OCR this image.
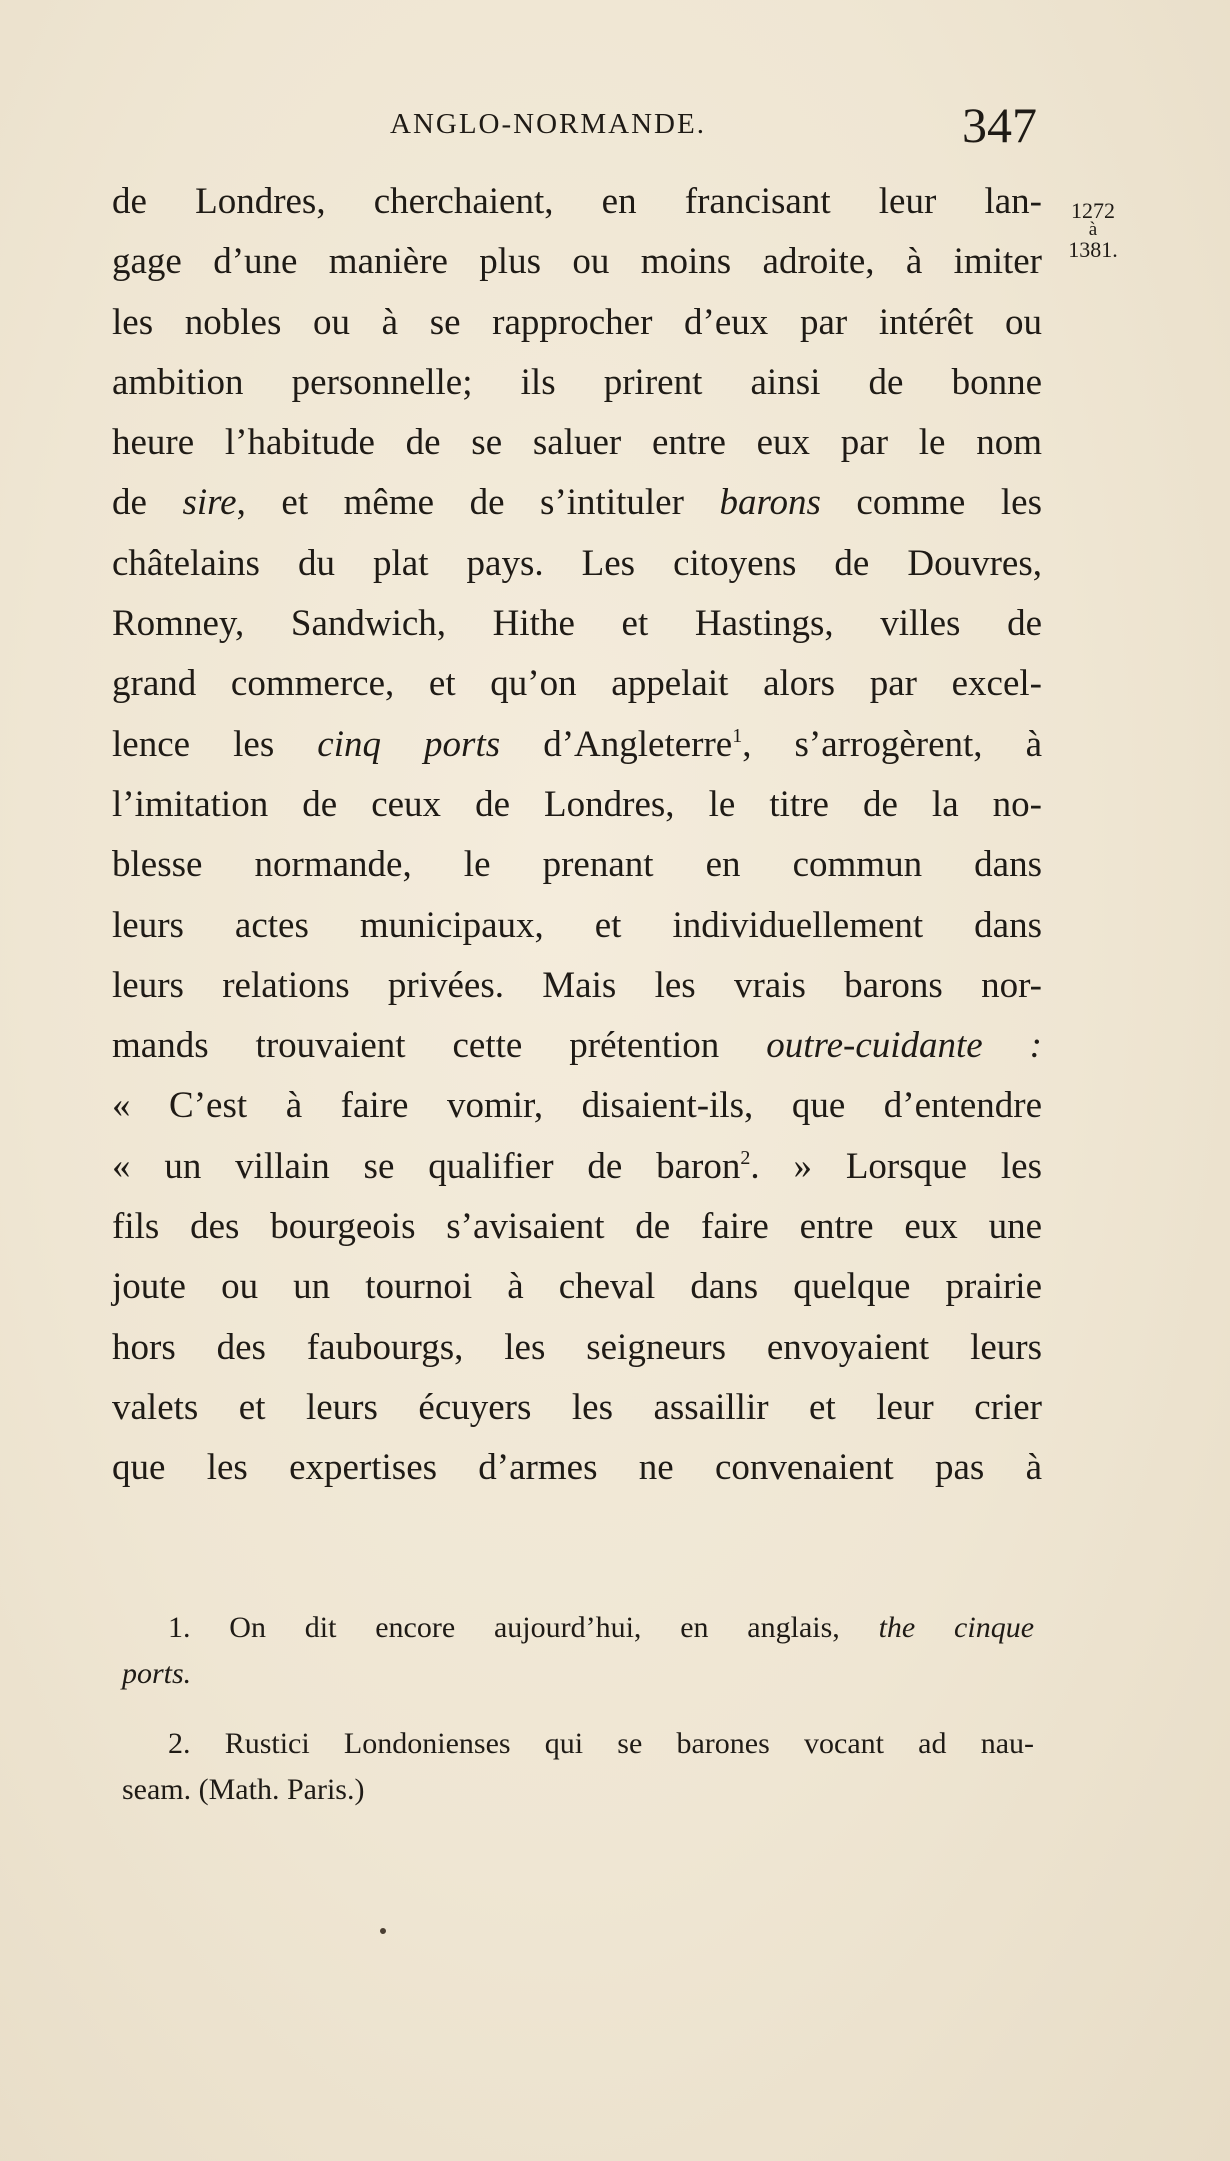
ANGLO-NORMANDE.	347
1272
à
1381.
de Londres, cherchaient, en francisant leur lan-
gage d’une manière plus ou moins adroite, à imiter
les nobles ou à se rapprocher d’eux par intérêt ou
ambition personnelle; ils prirent ainsi de bonne
heure l’habitude de se saluer entre eux par le nom
de sire, et même de s’intituler barons comme les
châtelains du plat pays. Les citoyens de Douvres,
Romney, Sandwich, Hithe et Hastings, villes de
grand commerce, et qu’on appelait alors par excel-
lence les cinq ports d’Angleterre$^1$, s’arrogèrent, à
l’imitation de ceux de Londres, le titre de la no-
blesse normande, le prenant en commun dans
leurs actes municipaux, et individuellement dans
leurs relations privées. Mais les vrais barons nor-
mands trouvaient cette prétention outre-cuidante :
« C’est à faire vomir, disaient-ils, que d’entendre
« un villain se qualifier de baron$^2$. » Lorsque les
fils des bourgeois s’avisaient de faire entre eux une
joute ou un tournoi à cheval dans quelque prairie
hors des faubourgs, les seigneurs envoyaient leurs
valets et leurs écuyers les assaillir et leur crier
que les expertises d’armes ne convenaient pas à
1. On dit encore aujourd’hui, en anglais, the cinque
ports.
2. Rustici Londonienses qui se barones vocant ad nau-
seam. (Math. Paris.)
